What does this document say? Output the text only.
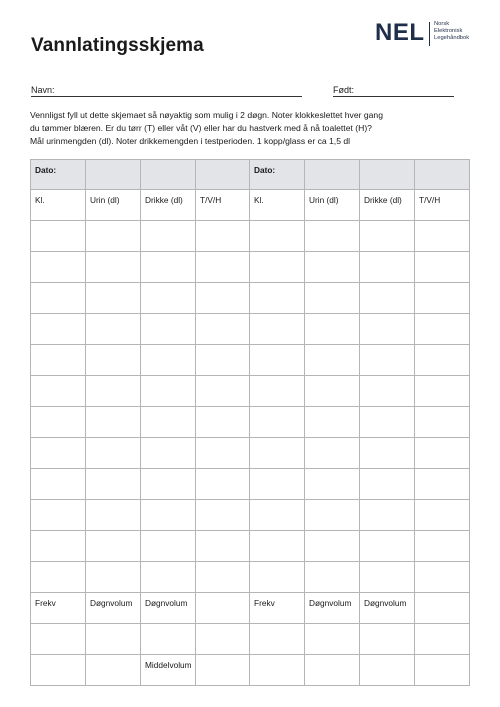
Vannlatingsskjema	NEL Norsk
Elektronisk
Legehåndbok
Navn:	Født:
Vennligst fyll ut dette skjemaet så nøyaktig som mulig i 2 døgn. Noter klokkeslettet hver gang
du tømmer blæren. Er du tørr (T) eller våt (V) eller har du hastverk med å nå toalettet (H)?
Mål urinmengden (dl). Noter drikkemengden i testperioden. 1 kopp/glass er ca 1,5 dl
Dato:				Dato:			

Kl.	Urin (dl)	Drikke (dl)	T/V/H	Kl.	Urin (dl)	Drikke (dl)	T/V/H

Frekv	Døgnvolum	Døgnvolum		Frekv	Døgnvolum	Døgnvolum	

		Middelvolum					
